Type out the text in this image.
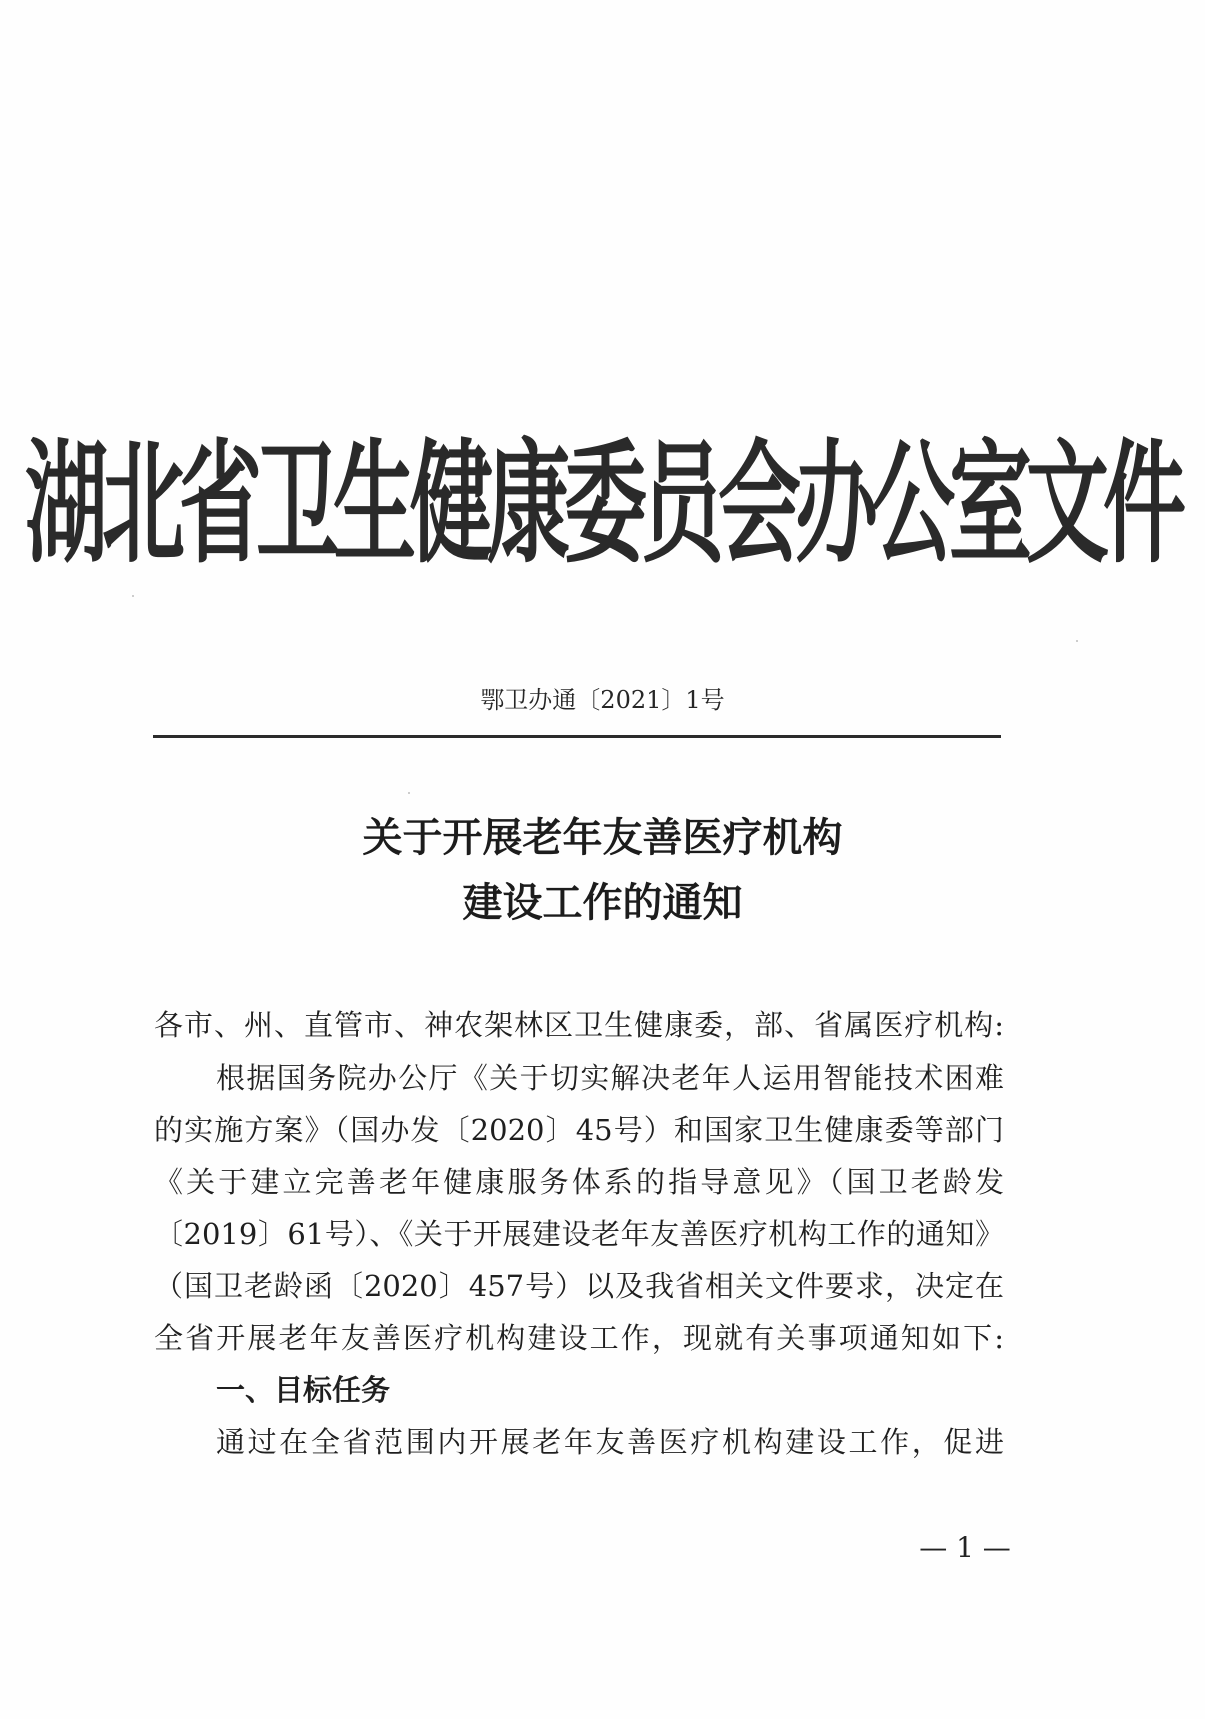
湖北省卫生健康委员会办公室文件
鄂卫办通〔2021〕1号
关于开展老年友善医疗机构
建设工作的通知
各市、州、直管市、神农架林区卫生健康委，部、省属医疗机构:
根据国务院办公厅《关于切实解决老年人运用智能技术困难
的实施方案》（国办发〔2020〕45号）和国家卫生健康委等部门
《关于建立完善老年健康服务体系的指导意见》（国卫老龄发
〔2019〕61号）、《关于开展建设老年友善医疗机构工作的通知》
（国卫老龄函〔2020〕457号）以及我省相关文件要求，决定在
全省开展老年友善医疗机构建设工作，现就有关事项通知如下:
一、目标任务
通过在全省范围内开展老年友善医疗机构建设工作，促进
— 1 —
